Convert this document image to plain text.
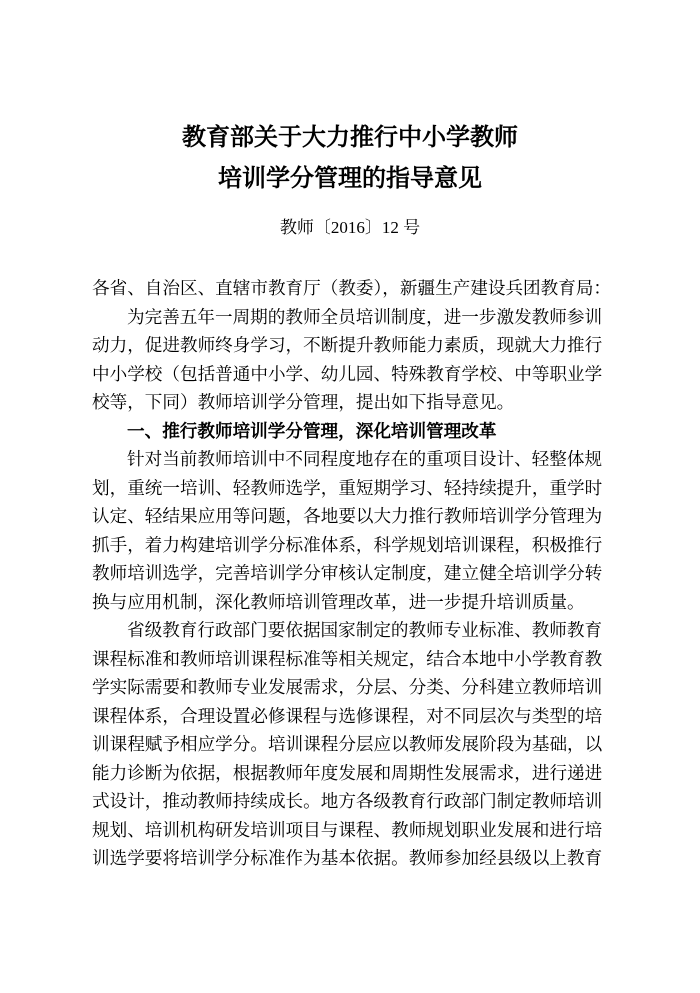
教育部关于大力推行中小学教师
培训学分管理的指导意见
教师〔2016〕12 号
各省、自治区、直辖市教育厅（教委），新疆生产建设兵团教育局：
为完善五年一周期的教师全员培训制度，进一步激发教师参训
动力，促进教师终身学习，不断提升教师能力素质，现就大力推行
中小学校（包括普通中小学、幼儿园、特殊教育学校、中等职业学
校等，下同）教师培训学分管理，提出如下指导意见。
一、推行教师培训学分管理，深化培训管理改革
针对当前教师培训中不同程度地存在的重项目设计、轻整体规
划，重统一培训、轻教师选学，重短期学习、轻持续提升，重学时
认定、轻结果应用等问题，各地要以大力推行教师培训学分管理为
抓手，着力构建培训学分标准体系，科学规划培训课程，积极推行
教师培训选学，完善培训学分审核认定制度，建立健全培训学分转
换与应用机制，深化教师培训管理改革，进一步提升培训质量。
省级教育行政部门要依据国家制定的教师专业标准、教师教育
课程标准和教师培训课程标准等相关规定，结合本地中小学教育教
学实际需要和教师专业发展需求，分层、分类、分科建立教师培训
课程体系，合理设置必修课程与选修课程，对不同层次与类型的培
训课程赋予相应学分。培训课程分层应以教师发展阶段为基础，以
能力诊断为依据，根据教师年度发展和周期性发展需求，进行递进
式设计，推动教师持续成长。地方各级教育行政部门制定教师培训
规划、培训机构研发培训项目与课程、教师规划职业发展和进行培
训选学要将培训学分标准作为基本依据。教师参加经县级以上教育
